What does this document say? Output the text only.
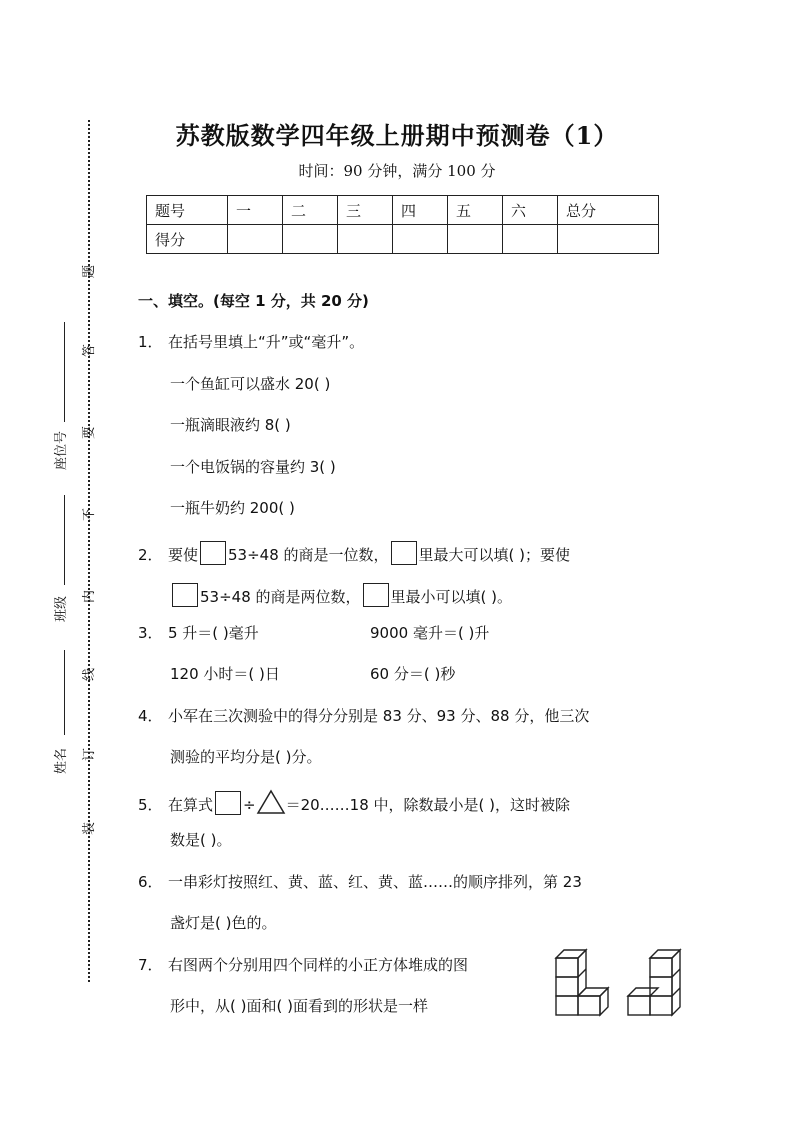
题
答
要
不
内
线
订
装
座位号
班级
姓名
苏教版数学四年级上册期中预测卷（1）
时间：90 分钟，满分 100 分
题号	一	二	三	四	五	六	总分
得分							
一、填空。(每空 1 分，共 20 分)
1． 在括号里填上“升”或“毫升”。
一个鱼缸可以盛水 20( )
一瓶滴眼液约 8( )
一个电饭锅的容量约 3( )
一瓶牛奶约 200( )
2． 要使 53÷48 的商是一位数， 里最大可以填( )；要使
53÷48 的商是两位数， 里最小可以填( )。
3． 5 升＝( )毫升	9000 毫升＝( )升
120 小时＝( )日	60 分＝( )秒
4． 小军在三次测验中的得分分别是 83 分、93 分、88 分，他三次
测验的平均分是( )分。
5． 在算式 ÷ ＝20……18 中，除数最小是( )，这时被除
数是( )。
6． 一串彩灯按照红、黄、蓝、红、黄、蓝……的顺序排列，第 23
盏灯是( )色的。
7． 右图两个分别用四个同样的小正方体堆成的图
形中，从( )面和( )面看到的形状是一样
